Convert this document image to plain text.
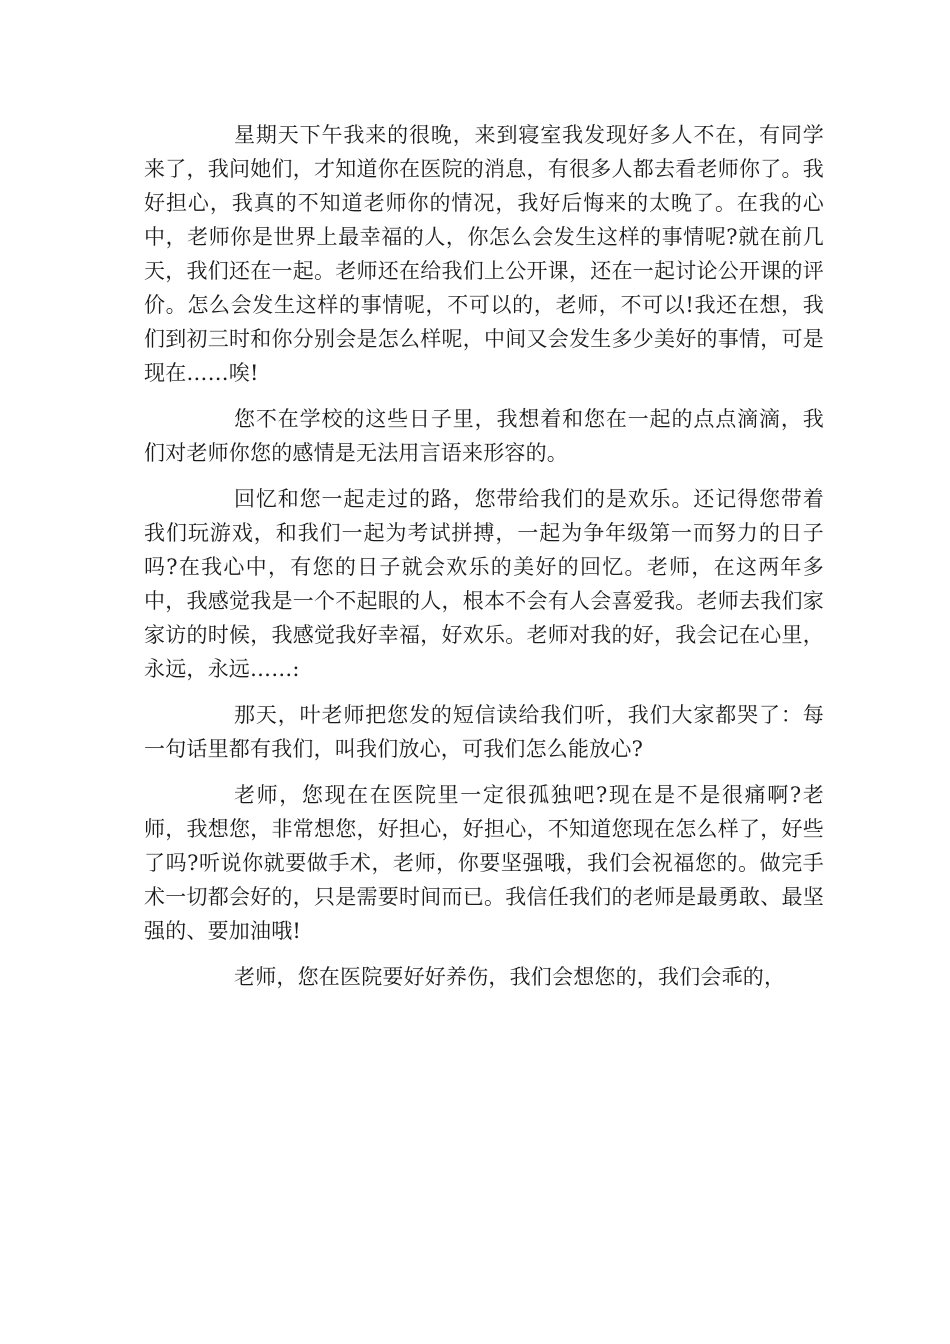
星期天下午我来的很晚，来到寝室我发现好多人不在，有同学来了，我问她们，才知道你在医院的消息，有很多人都去看老师你了。我好担心，我真的不知道老师你的情况，我好后悔来的太晚了。在我的心中，老师你是世界上最幸福的人，你怎么会发生这样的事情呢?就在前几天，我们还在一起。老师还在给我们上公开课，还在一起讨论公开课的评价。怎么会发生这样的事情呢，不可以的，老师，不可以!我还在想，我们到初三时和你分别会是怎么样呢，中间又会发生多少美好的事情，可是现在……唉!

您不在学校的这些日子里，我想着和您在一起的点点滴滴，我们对老师你您的感情是无法用言语来形容的。

回忆和您一起走过的路，您带给我们的是欢乐。还记得您带着我们玩游戏，和我们一起为考试拼搏，一起为争年级第一而努力的日子吗?在我心中，有您的日子就会欢乐的美好的回忆。老师，在这两年多中，我感觉我是一个不起眼的人，根本不会有人会喜爱我。老师去我们家家访的时候，我感觉我好幸福，好欢乐。老师对我的好，我会记在心里，永远，永远……:

那天，叶老师把您发的短信读给我们听，我们大家都哭了：每一句话里都有我们，叫我们放心，可我们怎么能放心?

老师，您现在在医院里一定很孤独吧?现在是不是很痛啊?老师，我想您，非常想您，好担心，好担心，不知道您现在怎么样了，好些了吗?听说你就要做手术，老师，你要坚强哦，我们会祝福您的。做完手术一切都会好的，只是需要时间而已。我信任我们的老师是最勇敢、最坚强的、要加油哦!

老师，您在医院要好好养伤，我们会想您的，我们会乖的，
